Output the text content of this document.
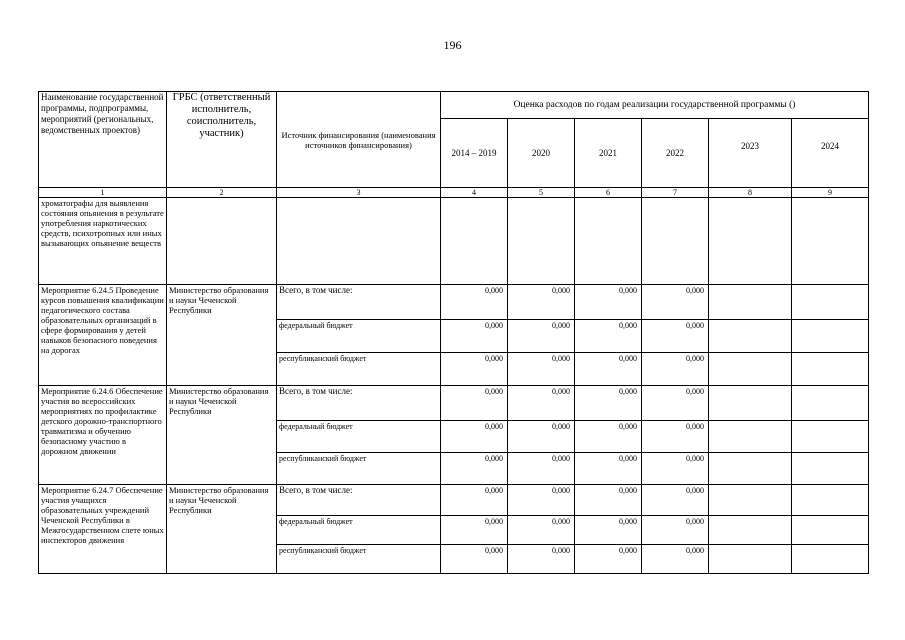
196
Наименование государственной программы, подпрограммы, мероприятий (региональных, ведомственных проектов)	ГРБС (ответственный исполнитель, соисполнитель, участник)	Источник финансирования (наименования источников финансирования)	Оценка расходов по годам реализации государственной программы ()					
			2014 – 2019	2020	2021	2022	2023	2024
1	2	3	4	5	6	7	8	9
хроматографы для выявления состояния опьянения в результате употребления наркотических средств, психотропных или иных вызывающих опьянение веществ								
Мероприятие 6.24.5 Проведение курсов повышения квалификации педагогического состава образовательных организаций в сфере формирования у детей навыков безопасного поведения на дорогах	Министерство образования и науки Чеченской Республики	Всего, в том числе:	0,000	0,000	0,000	0,000		
		федеральный бюджет	0,000	0,000	0,000	0,000		
		республиканский бюджет	0,000	0,000	0,000	0,000		
Мероприятие 6.24.6 Обеспечение участия во всероссийских мероприятиях по профилактике детского дорожно-транспортного травматизма и обучению безопасному участию в дорожном движении	Министерство образования и науки Чеченской Республики	Всего, в том числе:	0,000	0,000	0,000	0,000		
		федеральный бюджет	0,000	0,000	0,000	0,000		
		республиканский бюджет	0,000	0,000	0,000	0,000		
Мероприятие 6.24.7 Обеспечение участия учащихся образовательных учреждений Чеченской Республики в Межгосударственном слете юных инспекторов движения	Министерство образования и науки Чеченской Республики	Всего, в том числе:	0,000	0,000	0,000	0,000		
		федеральный бюджет	0,000	0,000	0,000	0,000		
		республиканский бюджет	0,000	0,000	0,000	0,000		
